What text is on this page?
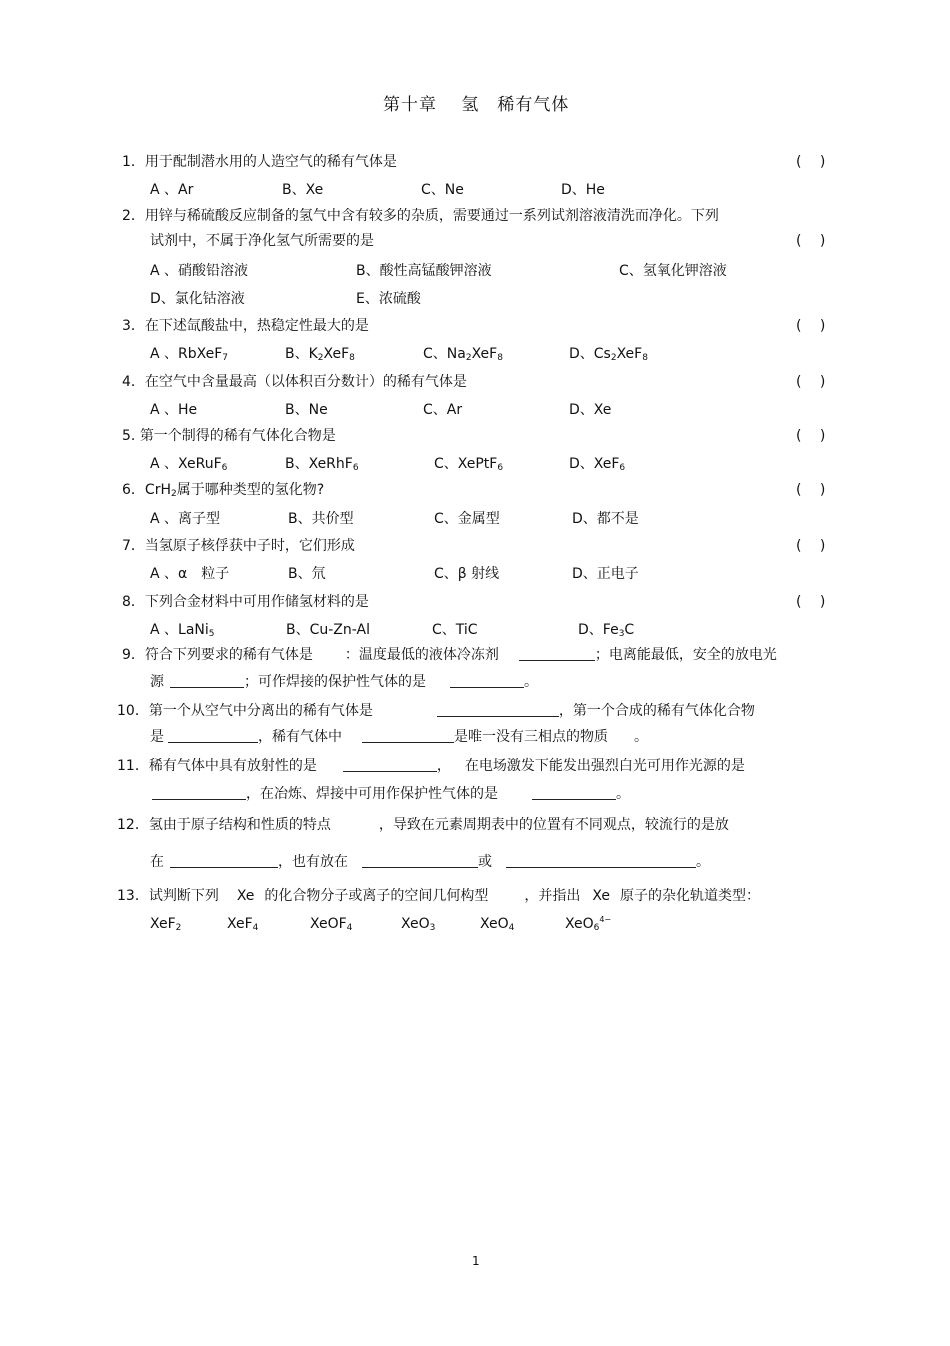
第十章　 氢　稀有气体
1．用于配制潜水用的人造空气的稀有气体是	(　 )
A 、Ar	B、Xe	C、Ne	D、He
2．用锌与稀硫酸反应制备的氢气中含有较多的杂质，需要通过一系列试剂溶液清洗而净化。下列
试剂中，不属于净化氢气所需要的是	(　 )
A 、硝酸铅溶液	B、酸性高锰酸钾溶液	C、氢氧化钾溶液
D、氯化钴溶液	E、浓硫酸
3．在下述氙酸盐中，热稳定性最大的是	(　 )
A 、RbXeF$_7$	B、$K_2XeF_8$	C、$Na_2XeF_8$	D、$Cs_2XeF_8$
4．在空气中含量最高（以体积百分数计）的稀有气体是	(　 )
A 、He	B、Ne	C、Ar	D、Xe
5. 第一个制得的稀有气体化合物是	(　 )
A 、XeRuF$_6$	B、XeRhF$_6$	C、XePtF$_6$	D、XeF$_6$
6．CrH$_2$属于哪种类型的氢化物?	(　 )
A 、离子型	B、共价型	C、金属型	D、都不是
7．当氢原子核俘获中子时，它们形成	(　 )
A 、α　粒子	B、氘	C、β 射线	D、正电子
8．下列合金材料中可用作储氢材料的是	(　 )
A 、LaNi$_5$	B、Cu-Zn-Al	C、TiC	D、$Fe_3C$
9．符合下列要求的稀有气体是 ：温度最低的液体冷冻剂	；电离能最低，安全的放电光
源	；可作焊接的保护性气体的是	。
10．第一个从空气中分离出的稀有气体是	，第一个合成的稀有气体化合物
是	，稀有气体中	是唯一没有三相点的物质 。
11．稀有气体中具有放射性的是	， 在电场激发下能发出强烈白光可用作光源的是
，在冶炼、焊接中可用作保护性气体的是	。
12．氢由于原子结构和性质的特点	，导致在元素周期表中的位置有不同观点，较流行的是放
在	，也有放在	或	。
13．试判断下列 Xe 的化合物分子或离子的空间几何构型	，并指出 Xe 原子的杂化轨道类型：
XeF$_2$	XeF$_4$	XeOF$_4$	XeO$_3$	XeO$_4$	XeO$_6^{4-}$
1
